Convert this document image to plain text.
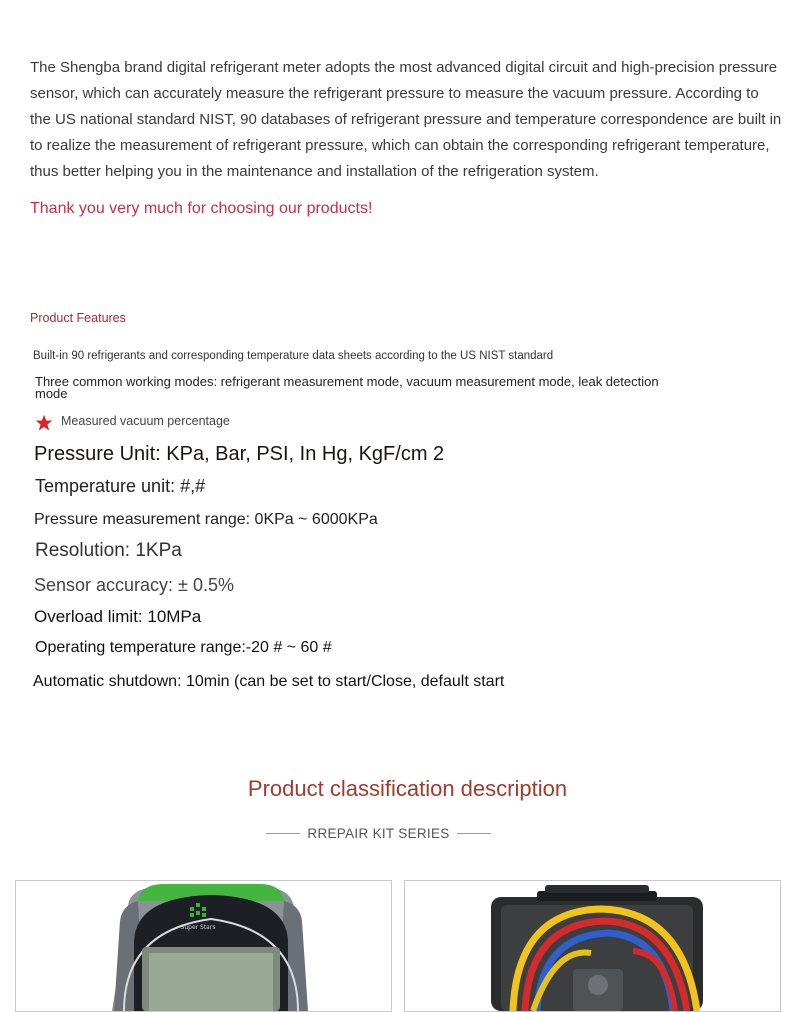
The Shengba brand digital refrigerant meter adopts the most advanced digital circuit and high-precision pressure sensor, which can accurately measure the refrigerant pressure to measure the vacuum pressure. According to the US national standard NIST, 90 databases of refrigerant pressure and temperature correspondence are built in to realize the measurement of refrigerant pressure, which can obtain the corresponding refrigerant temperature, thus better helping you in the maintenance and installation of the refrigeration system.
Thank you very much for choosing our products!
Product Features
Built-in 90 refrigerants and corresponding temperature data sheets according to the US NIST standard
Three common working modes: refrigerant measurement mode, vacuum measurement mode, leak detection mode
Measured vacuum percentage
Pressure Unit: KPa, Bar, PSI, In Hg, KgF/cm 2
Temperature unit: #,#
Pressure measurement range: 0KPa ~ 6000KPa
Resolution: 1KPa
Sensor accuracy: ± 0.5%
Overload limit: 10MPa
Operating temperature range:-20 # ~ 60 #
Automatic shutdown: 10min (can be set to start/Close, default start
Product classification description
RREPAIR KIT SERIES
Super Stars
